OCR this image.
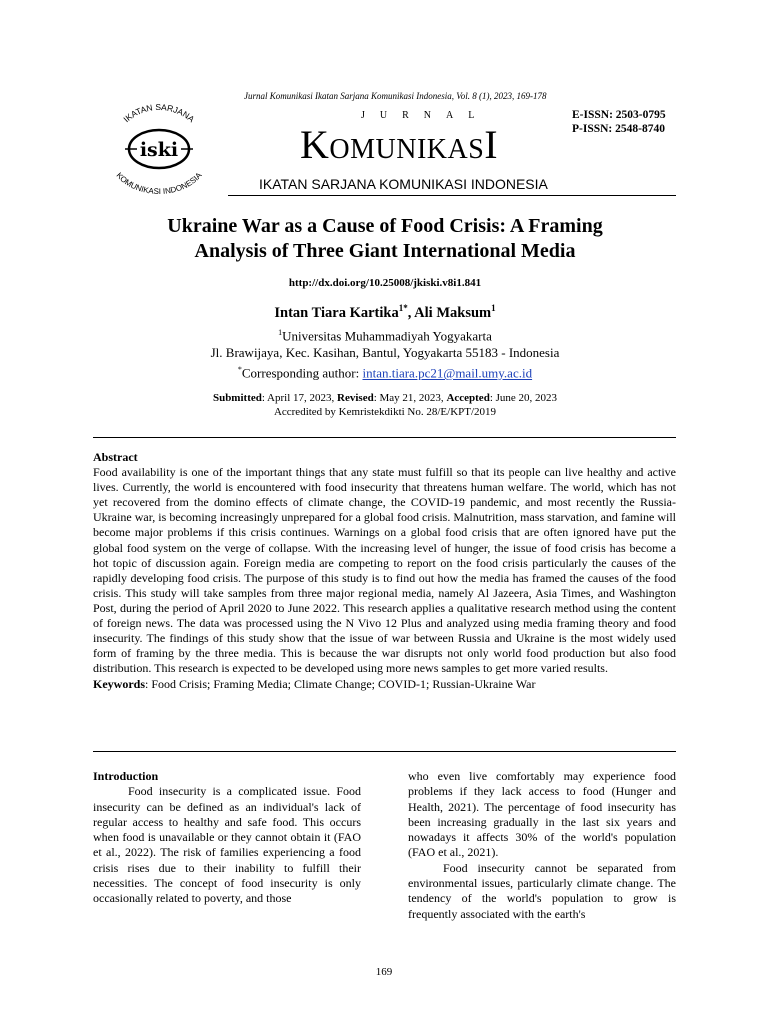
Jurnal Komunikasi Ikatan Sarjana Komunikasi Indonesia, Vol. 8 (1), 2023, 169-178
iski
IKATAN SARJANA
KOMUNIKASI INDONESIA
JURNAL
KomunikasI
E-ISSN: 2503-0795
P-ISSN: 2548-8740
IKATAN SARJANA KOMUNIKASI INDONESIA
Ukraine War as a Cause of Food Crisis: A Framing
Analysis of Three Giant International Media
http://dx.doi.org/10.25008/jkiski.v8i1.841
Intan Tiara Kartika$^{1*}$, Ali Maksum$^1$
$^1$Universitas Muhammadiyah Yogyakarta
Jl. Brawijaya, Kec. Kasihan, Bantul, Yogyakarta 55183 - Indonesia
*Corresponding author: intan.tiara.pc21@mail.umy.ac.id
Submitted: April 17, 2023, Revised: May 21, 2023, Accepted: June 20, 2023
Accredited by Kemristekdikti No. 28/E/KPT/2019
Abstract
Food availability is one of the important things that any state must fulfill so that its people can live healthy and active lives. Currently, the world is encountered with food insecurity that threatens human welfare. The world, which has not yet recovered from the domino effects of climate change, the COVID-19 pandemic, and most recently the Russia-Ukraine war, is becoming increasingly unprepared for a global food crisis. Malnutrition, mass starvation, and famine will become major problems if this crisis continues. Warnings on a global food crisis that are often ignored have put the global food system on the verge of collapse. With the increasing level of hunger, the issue of food crisis has become a hot topic of discussion again. Foreign media are competing to report on the food crisis particularly the causes of the rapidly developing food crisis. The purpose of this study is to find out how the media has framed the causes of the food crisis. This study will take samples from three major regional media, namely Al Jazeera, Asia Times, and Washington Post, during the period of April 2020 to June 2022. This research applies a qualitative research method using the content of foreign news. The data was processed using the N Vivo 12 Plus and analyzed using media framing theory and food insecurity. The findings of this study show that the issue of war between Russia and Ukraine is the most widely used form of framing by the three media. This is because the war disrupts not only world food production but also food distribution. This research is expected to be developed using more news samples to get more varied results.
Keywords: Food Crisis; Framing Media; Climate Change; COVID-1; Russian-Ukraine War
Introduction
Food insecurity is a complicated issue. Food insecurity can be defined as an individual's lack of regular access to healthy and safe food. This occurs when food is unavailable or they cannot obtain it (FAO et al., 2022). The risk of families experiencing a food crisis rises due to their inability to fulfill their necessities. The concept of food insecurity is only occasionally related to poverty, and those
who even live comfortably may experience food problems if they lack access to food (Hunger and Health, 2021). The percentage of food insecurity has been increasing gradually in the last six years and nowadays it affects 30% of the world's population (FAO et al., 2021).
Food insecurity cannot be separated from environmental issues, particularly climate change. The tendency of the world's population to grow is frequently associated with the earth's
169
